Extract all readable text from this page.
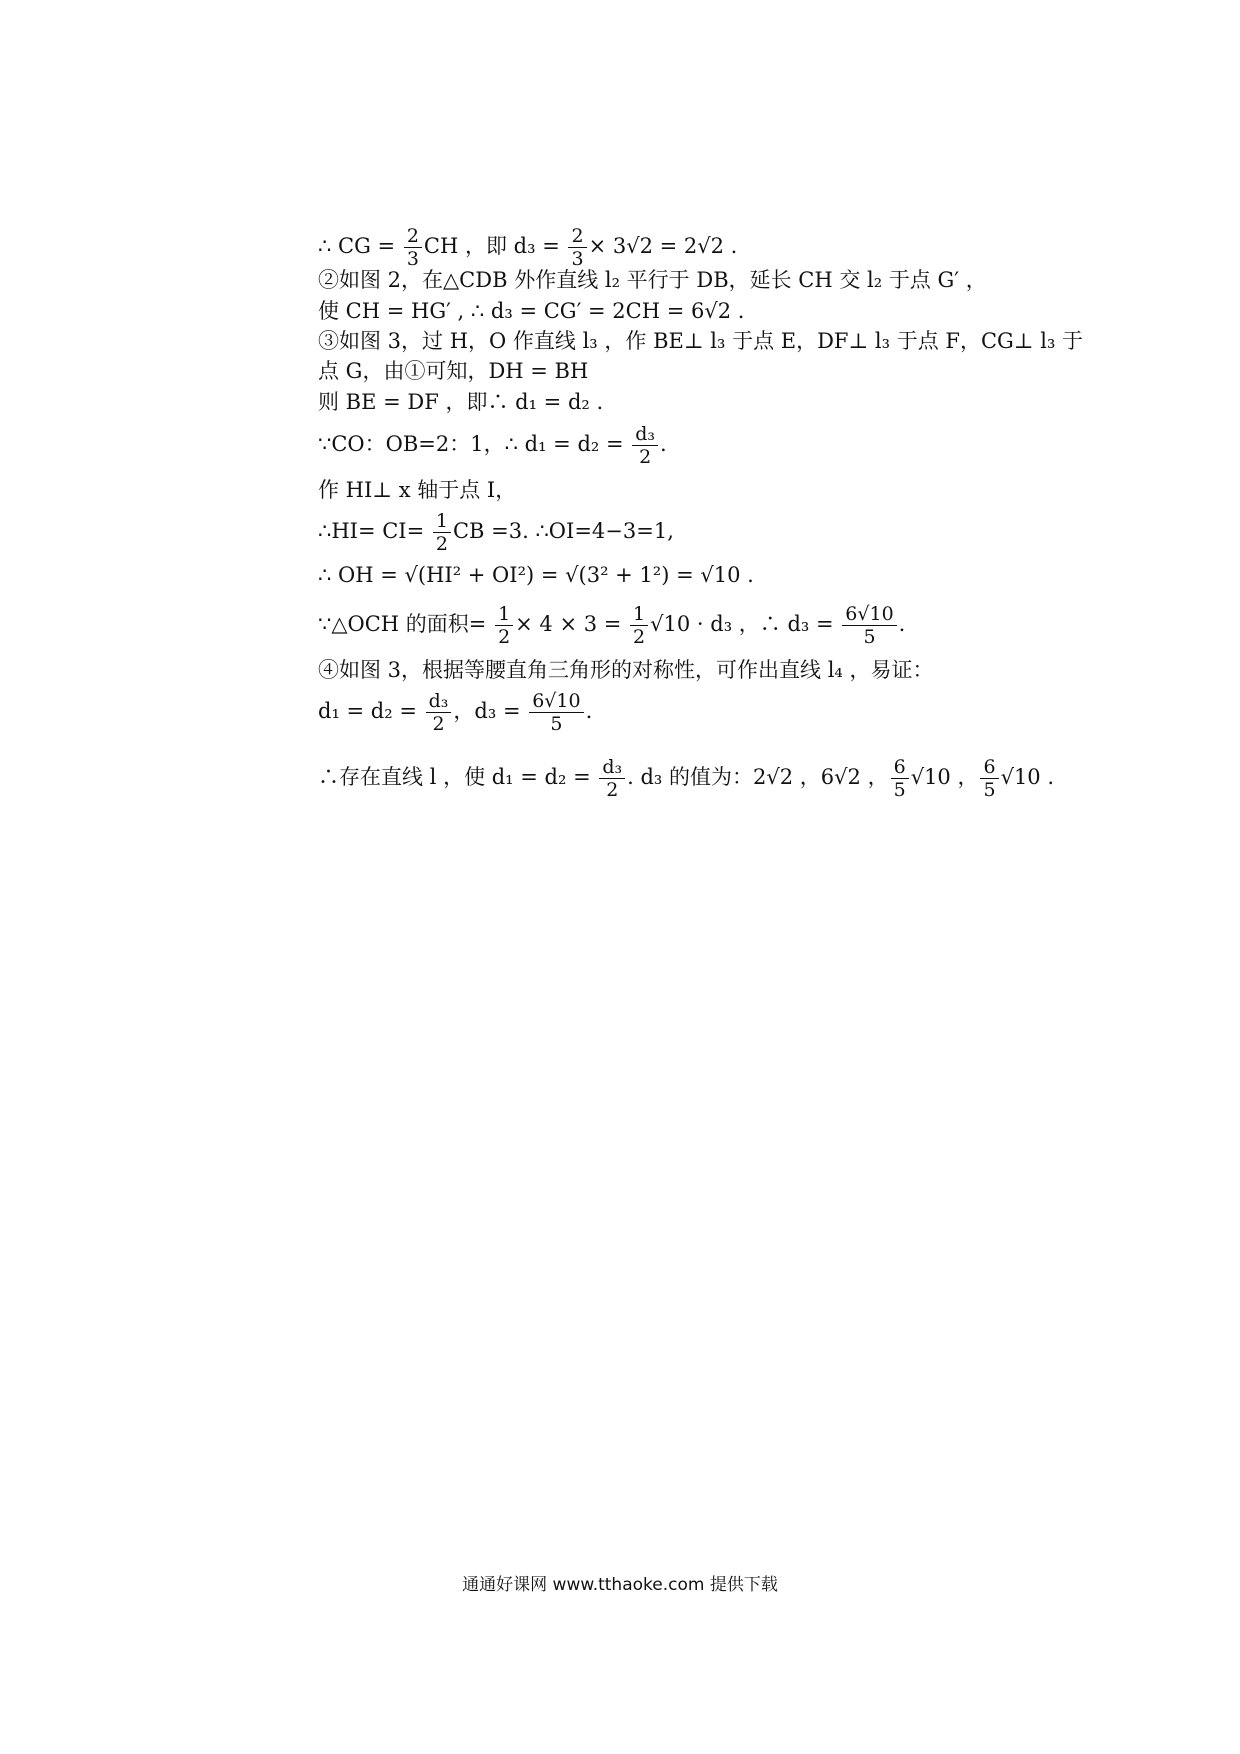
∴ CG = $\frac{2}{3}$ CH ，即 $d_3 = \frac{2}{3} \times 3√2 = 2√2$ .
②如图 2，在△CDB 外作直线 l₂ 平行于 DB，延长 CH 交 l₂ 于点 G′ ，
使 CH = HG′ , ∴ d₃ = CG′ = 2CH = 6√2 .
③如图 3，过 H，O 作直线 l₃ ，作 BE⊥ l₃ 于点 E，DF⊥ l₃ 于点 F，CG⊥ l₃ 于
点 G，由①可知，DH = BH
则 BE = DF ，即∴ d₁ = d₂ .
∵CO：OB=2：1，∴ $d_1 = d_2 = \frac{\text{d₃}}{2}$ .
作 HI⊥ x 轴于点 I，
∴HI= $CI= \frac{1}{2}$ CB =3. ∴OI=4−3=1,
∴ OH = √(HI² + OI²) = √(3² + 1²) = √10 .
∵△OCH 的面积= $\frac{1}{2} \times 4 \times 3 = \frac{1}{2} √10 \cdot d_3$ ，∴ $d_3 = \frac{6√10}{5}$ .
④如图 3，根据等腰直角三角形的对称性，可作出直线 l₄ ，易证：
$d_1 = d_2 = \frac{\text{d₃}}{2}$ ，$d_3 = \frac{6√10}{5}$ .
∴存在直线 l ，使 $d_1 = d_2 = \frac{\text{d₃}}{2}$ . d₃ 的值为：2√2 ，6√2 ， $\frac{6}{5} √10$ ， $\frac{6}{5} √10$ .
通通好课网 www.tthaoke.com 提供下载
